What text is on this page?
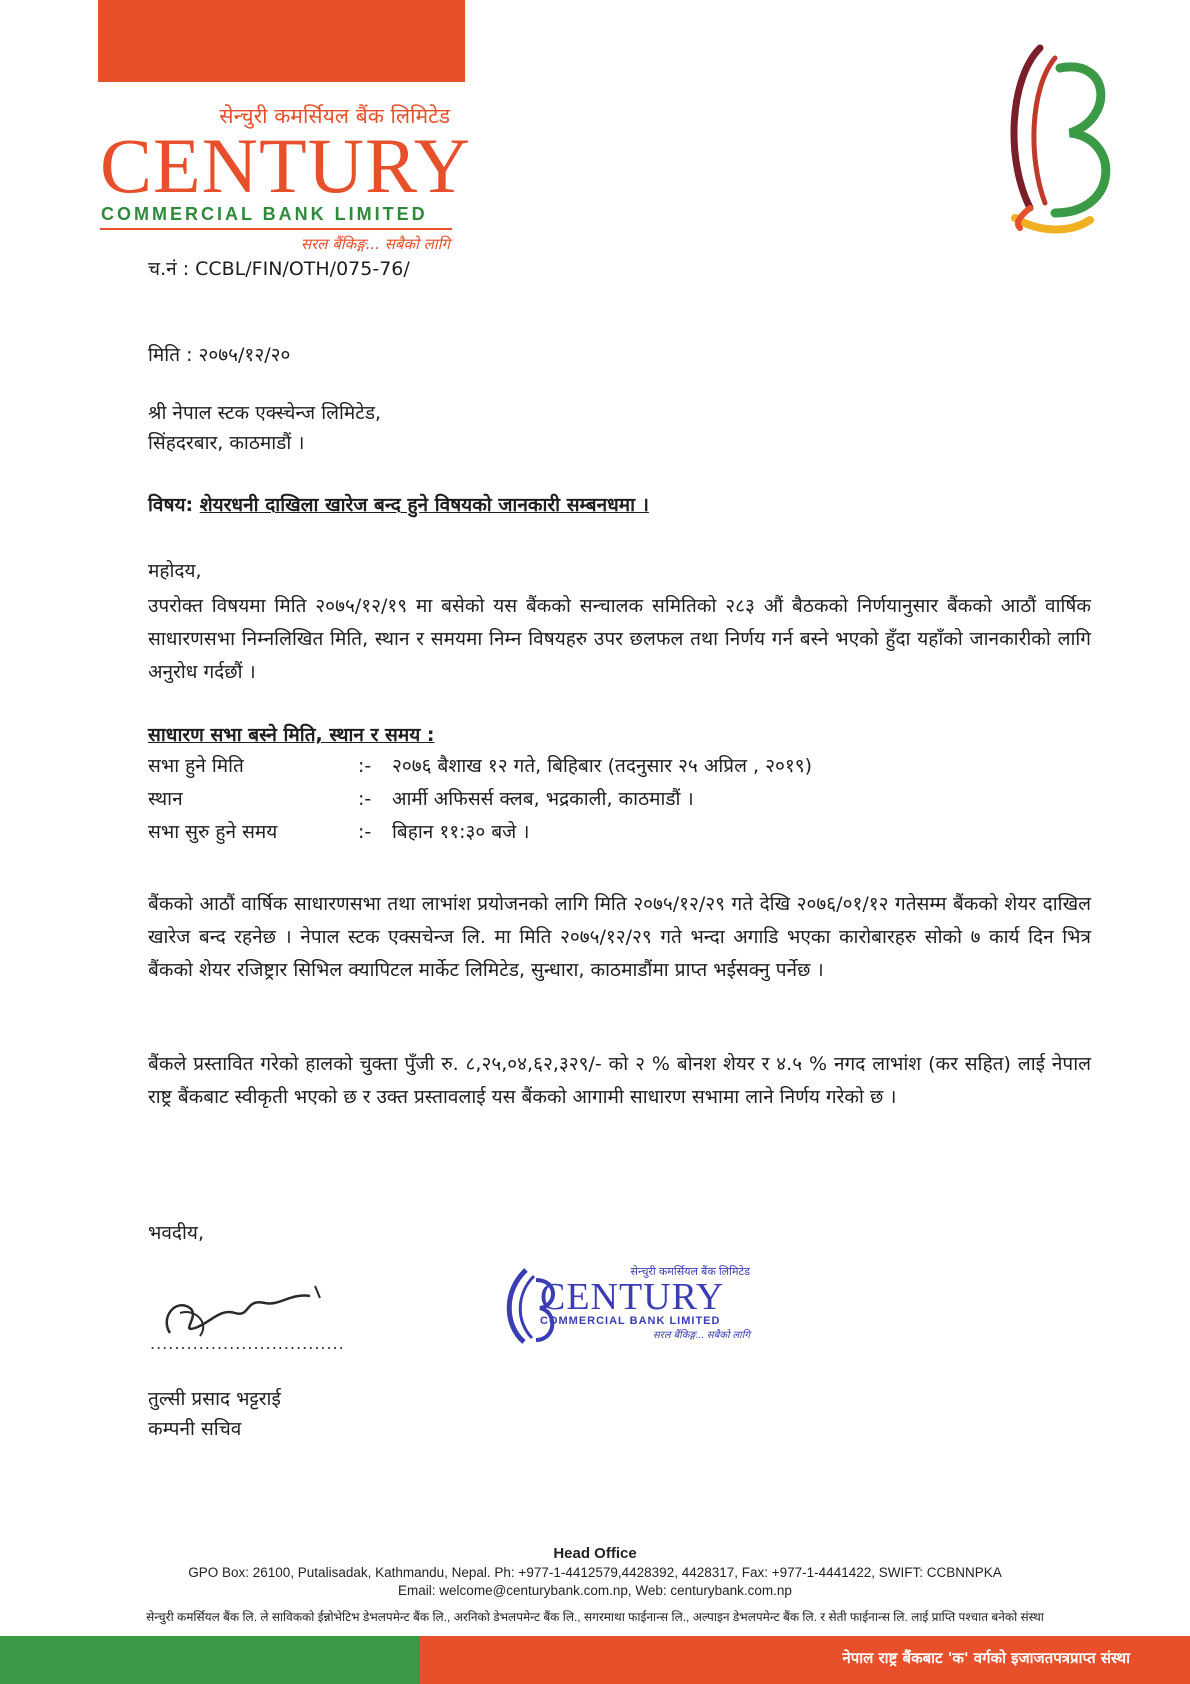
सेन्चुरी कमर्सियल बैंक लिमिटेड
CENTURY
COMMERCIAL BANK LIMITED
सरल बैंकिङ्ग... सबैको लागि
च.नं : CCBL/FIN/OTH/075-76/
मिति : २०७५/१२/२०
श्री नेपाल स्टक एक्स्चेन्ज लिमिटेड,
सिंहदरबार, काठमाडौं ।
विषय: शेयरधनी दाखिला खारेज बन्द हुने विषयको जानकारी सम्बनधमा ।
महोदय,
उपरोक्त विषयमा मिति २०७५/१२/१९ मा बसेको यस बैंकको सन्चालक समितिको २८३ औं बैठकको निर्णयानुसार बैंकको आठौं वार्षिक साधारणसभा निम्नलिखित मिति, स्थान र समयमा निम्न विषयहरु उपर छलफल तथा निर्णय गर्न बस्ने भएको हुँदा यहाँको जानकारीको लागि अनुरोध गर्दछौं ।
साधारण सभा बस्ने मिति, स्थान र समय :
सभा हुने मिति	:-	२०७६ बैशाख १२ गते, बिहिबार (तदनुसार २५ अप्रिल , २०१९)
स्थान	:-	आर्मी अफिसर्स क्लब, भद्रकाली, काठमाडौं ।
सभा सुरु हुने समय	:-	बिहान ११:३० बजे ।
बैंकको आठौं वार्षिक साधारणसभा तथा लाभांश प्रयोजनको लागि मिति २०७५/१२/२९ गते देखि २०७६/०१/१२ गतेसम्म बैंकको शेयर दाखिल खारेज बन्द रहनेछ । नेपाल स्टक एक्सचेन्ज लि. मा मिति २०७५/१२/२९ गते भन्दा अगाडि भएका कारोबारहरु सोको ७ कार्य दिन भित्र बैंकको शेयर रजिष्ट्रार सिभिल क्यापिटल मार्केट लिमिटेड, सुन्धारा, काठमाडौंमा प्राप्त भईसक्नु पर्नेछ ।
बैंकले प्रस्तावित गरेको हालको चुक्ता पुँजी रु. ८,२५,०४,६२,३२९/- को २ % बोनश शेयर र ४.५ % नगद लाभांश (कर सहित) लाई नेपाल राष्ट्र बैंकबाट स्वीकृती भएको छ र उक्त प्रस्तावलाई यस बैंकको आगामी साधारण सभामा लाने निर्णय गरेको छ ।
भवदीय,
................................
तुल्सी प्रसाद भट्टराई
कम्पनी सचिव
सेन्चुरी कमर्सियल बैंक लिमिटेड
CENTURY
COMMERCIAL BANK LIMITED
सरल बैंकिङ्ग... सबैको लागि
Head Office
GPO Box: 26100, Putalisadak, Kathmandu, Nepal. Ph: +977-1-4412579,4428392, 4428317, Fax: +977-1-4441422, SWIFT: CCBNNPKA
Email: welcome@centurybank.com.np, Web: centurybank.com.np
सेन्चुरी कमर्सियल बैंक लि. ले साविकको ईन्नोभेटिभ डेभलपमेन्ट बैंक लि., अरनिको डेभलपमेन्ट बैंक लि., सगरमाथा फाईनान्स लि., अल्पाइन डेभलपमेन्ट बैंक लि. र सेती फाईनान्स लि. लाई प्राप्ति पश्चात बनेको संस्था
नेपाल राष्ट्र बैंकबाट 'क' वर्गको इजाजतपत्रप्राप्त संस्था
